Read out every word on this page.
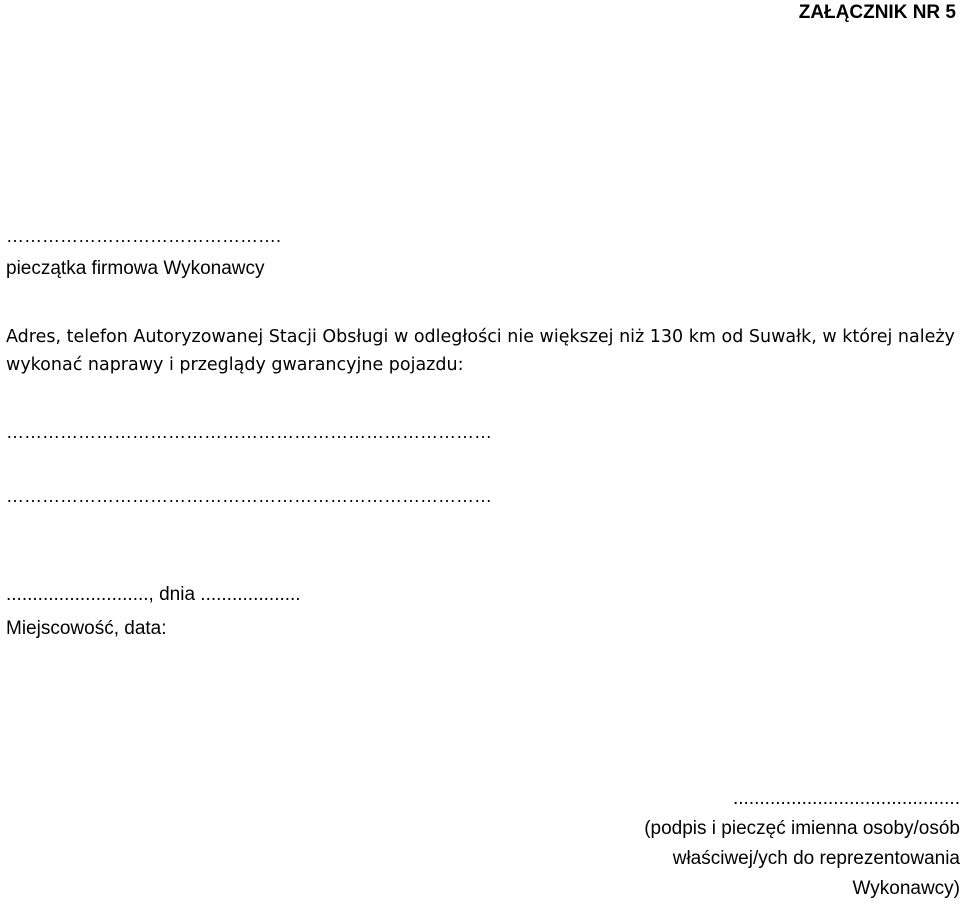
ZAŁĄCZNIK NR 5
……………………………………….
pieczątka firmowa Wykonawcy
Adres, telefon Autoryzowanej Stacji Obsługi w odległości nie większej niż 130 km od Suwałk, w której należy wykonać naprawy i przeglądy gwarancyjne pojazdu:
………………………………………………………………………
………………………………………………………………………
..........................., dnia ...................
Miejscowość, data:
...........................................
(podpis i pieczęć imienna osoby/osób
właściwej/ych do reprezentowania
Wykonawcy)
